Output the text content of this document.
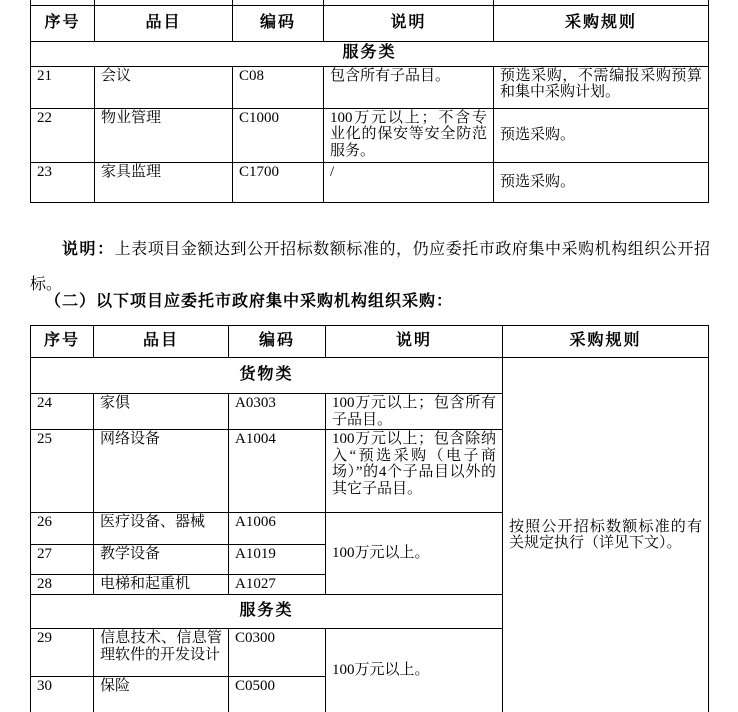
序号	品目	编码	说明	采购规则
服务类				
21	会议	C08	包含所有子品目。	预选采购，不需编报采购预算和集中采购计划。
22	物业管理	C1000	100万元以上；不含专业化的保安等安全防范服务。	预选采购。
23	家具监理	C1700	/	预选采购。

说明：上表项目金额达到公开招标数额标准的，仍应委托市政府集中采购机构组织公开招标。

（二）以下项目应委托市政府集中采购机构组织采购：
序号	品目	编码	说明	采购规则
货物类				按照公开招标数额标准的有关规定执行（详见下文）。
24	家俱	A0303	100万元以上；包含所有子品目。	
25	网络设备	A1004	100万元以上；包含除纳入“预选采购（电子商场）”的4个子品目以外的其它子品目。	
26	医疗设备、器械	A1006	100万元以上。	
27	教学设备	A1019		
28	电梯和起重机	A1027		
服务类				
29	信息技术、信息管理软件的开发设计	C0300	100万元以上。	
30	保险	C0500		
